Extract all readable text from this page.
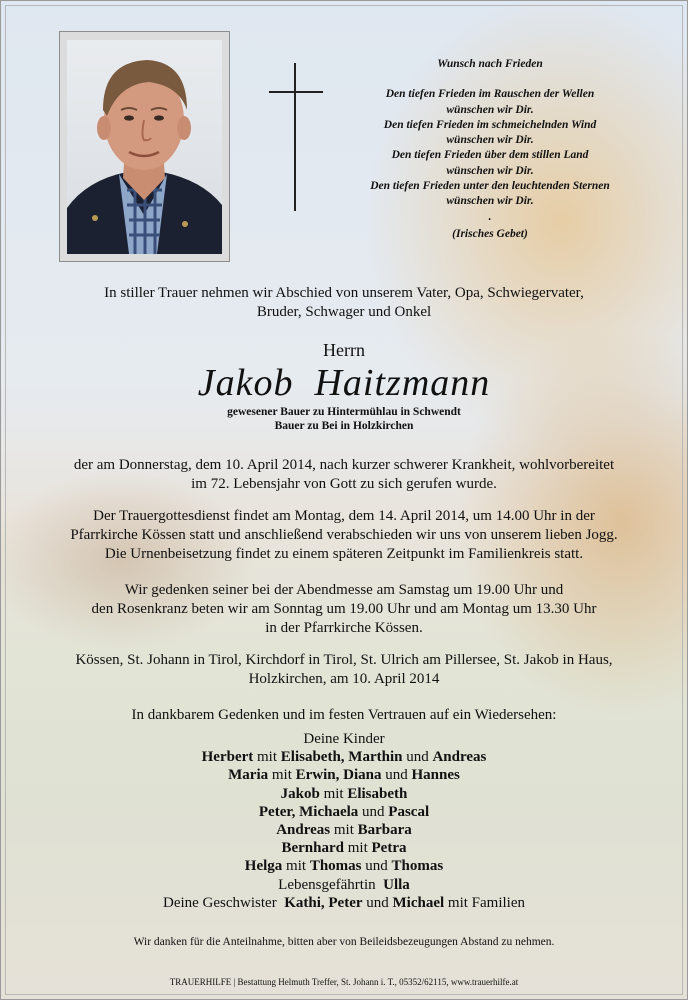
Wunsch nach Frieden
Den tiefen Frieden im Rauschen der Wellen
wünschen wir Dir.
Den tiefen Frieden im schmeichelnden Wind
wünschen wir Dir.
Den tiefen Frieden über dem stillen Land
wünschen wir Dir.
Den tiefen Frieden unter den leuchtenden Sternen
wünschen wir Dir.
.
(Irisches Gebet)
In stiller Trauer nehmen wir Abschied von unserem Vater, Opa, Schwiegervater,
Bruder, Schwager und Onkel
Herrn
Jakob  Haitzmann
gewesener Bauer zu Hintermühlau in Schwendt
Bauer zu Bei in Holzkirchen
der am Donnerstag, dem 10. April 2014, nach kurzer schwerer Krankheit, wohlvorbereitet
im 72. Lebensjahr von Gott zu sich gerufen wurde.
Der Trauergottesdienst findet am Montag, dem 14. April 2014, um 14.00 Uhr in der
Pfarrkirche Kössen statt und anschließend verabschieden wir uns von unserem lieben Jogg.
Die Urnenbeisetzung findet zu einem späteren Zeitpunkt im Familienkreis statt.
Wir gedenken seiner bei der Abendmesse am Samstag um 19.00 Uhr und
den Rosenkranz beten wir am Sonntag um 19.00 Uhr und am Montag um 13.30 Uhr
in der Pfarrkirche Kössen.
Kössen, St. Johann in Tirol, Kirchdorf in Tirol, St. Ulrich am Pillersee, St. Jakob in Haus,
Holzkirchen, am 10. April 2014
In dankbarem Gedenken und im festen Vertrauen auf ein Wiedersehen:
Deine Kinder
Herbert mit Elisabeth, Marthin und Andreas
Maria mit Erwin, Diana und Hannes
Jakob mit Elisabeth
Peter, Michaela und Pascal
Andreas mit Barbara
Bernhard mit Petra
Helga mit Thomas und Thomas
Lebensgefährtin  Ulla
Deine Geschwister  Kathi, Peter und Michael mit Familien
Wir danken für die Anteilnahme, bitten aber von Beileidsbezeugungen Abstand zu nehmen.
TRAUERHILFE | Bestattung Helmuth Treffer, St. Johann i. T., 05352/62115, www.trauerhilfe.at
